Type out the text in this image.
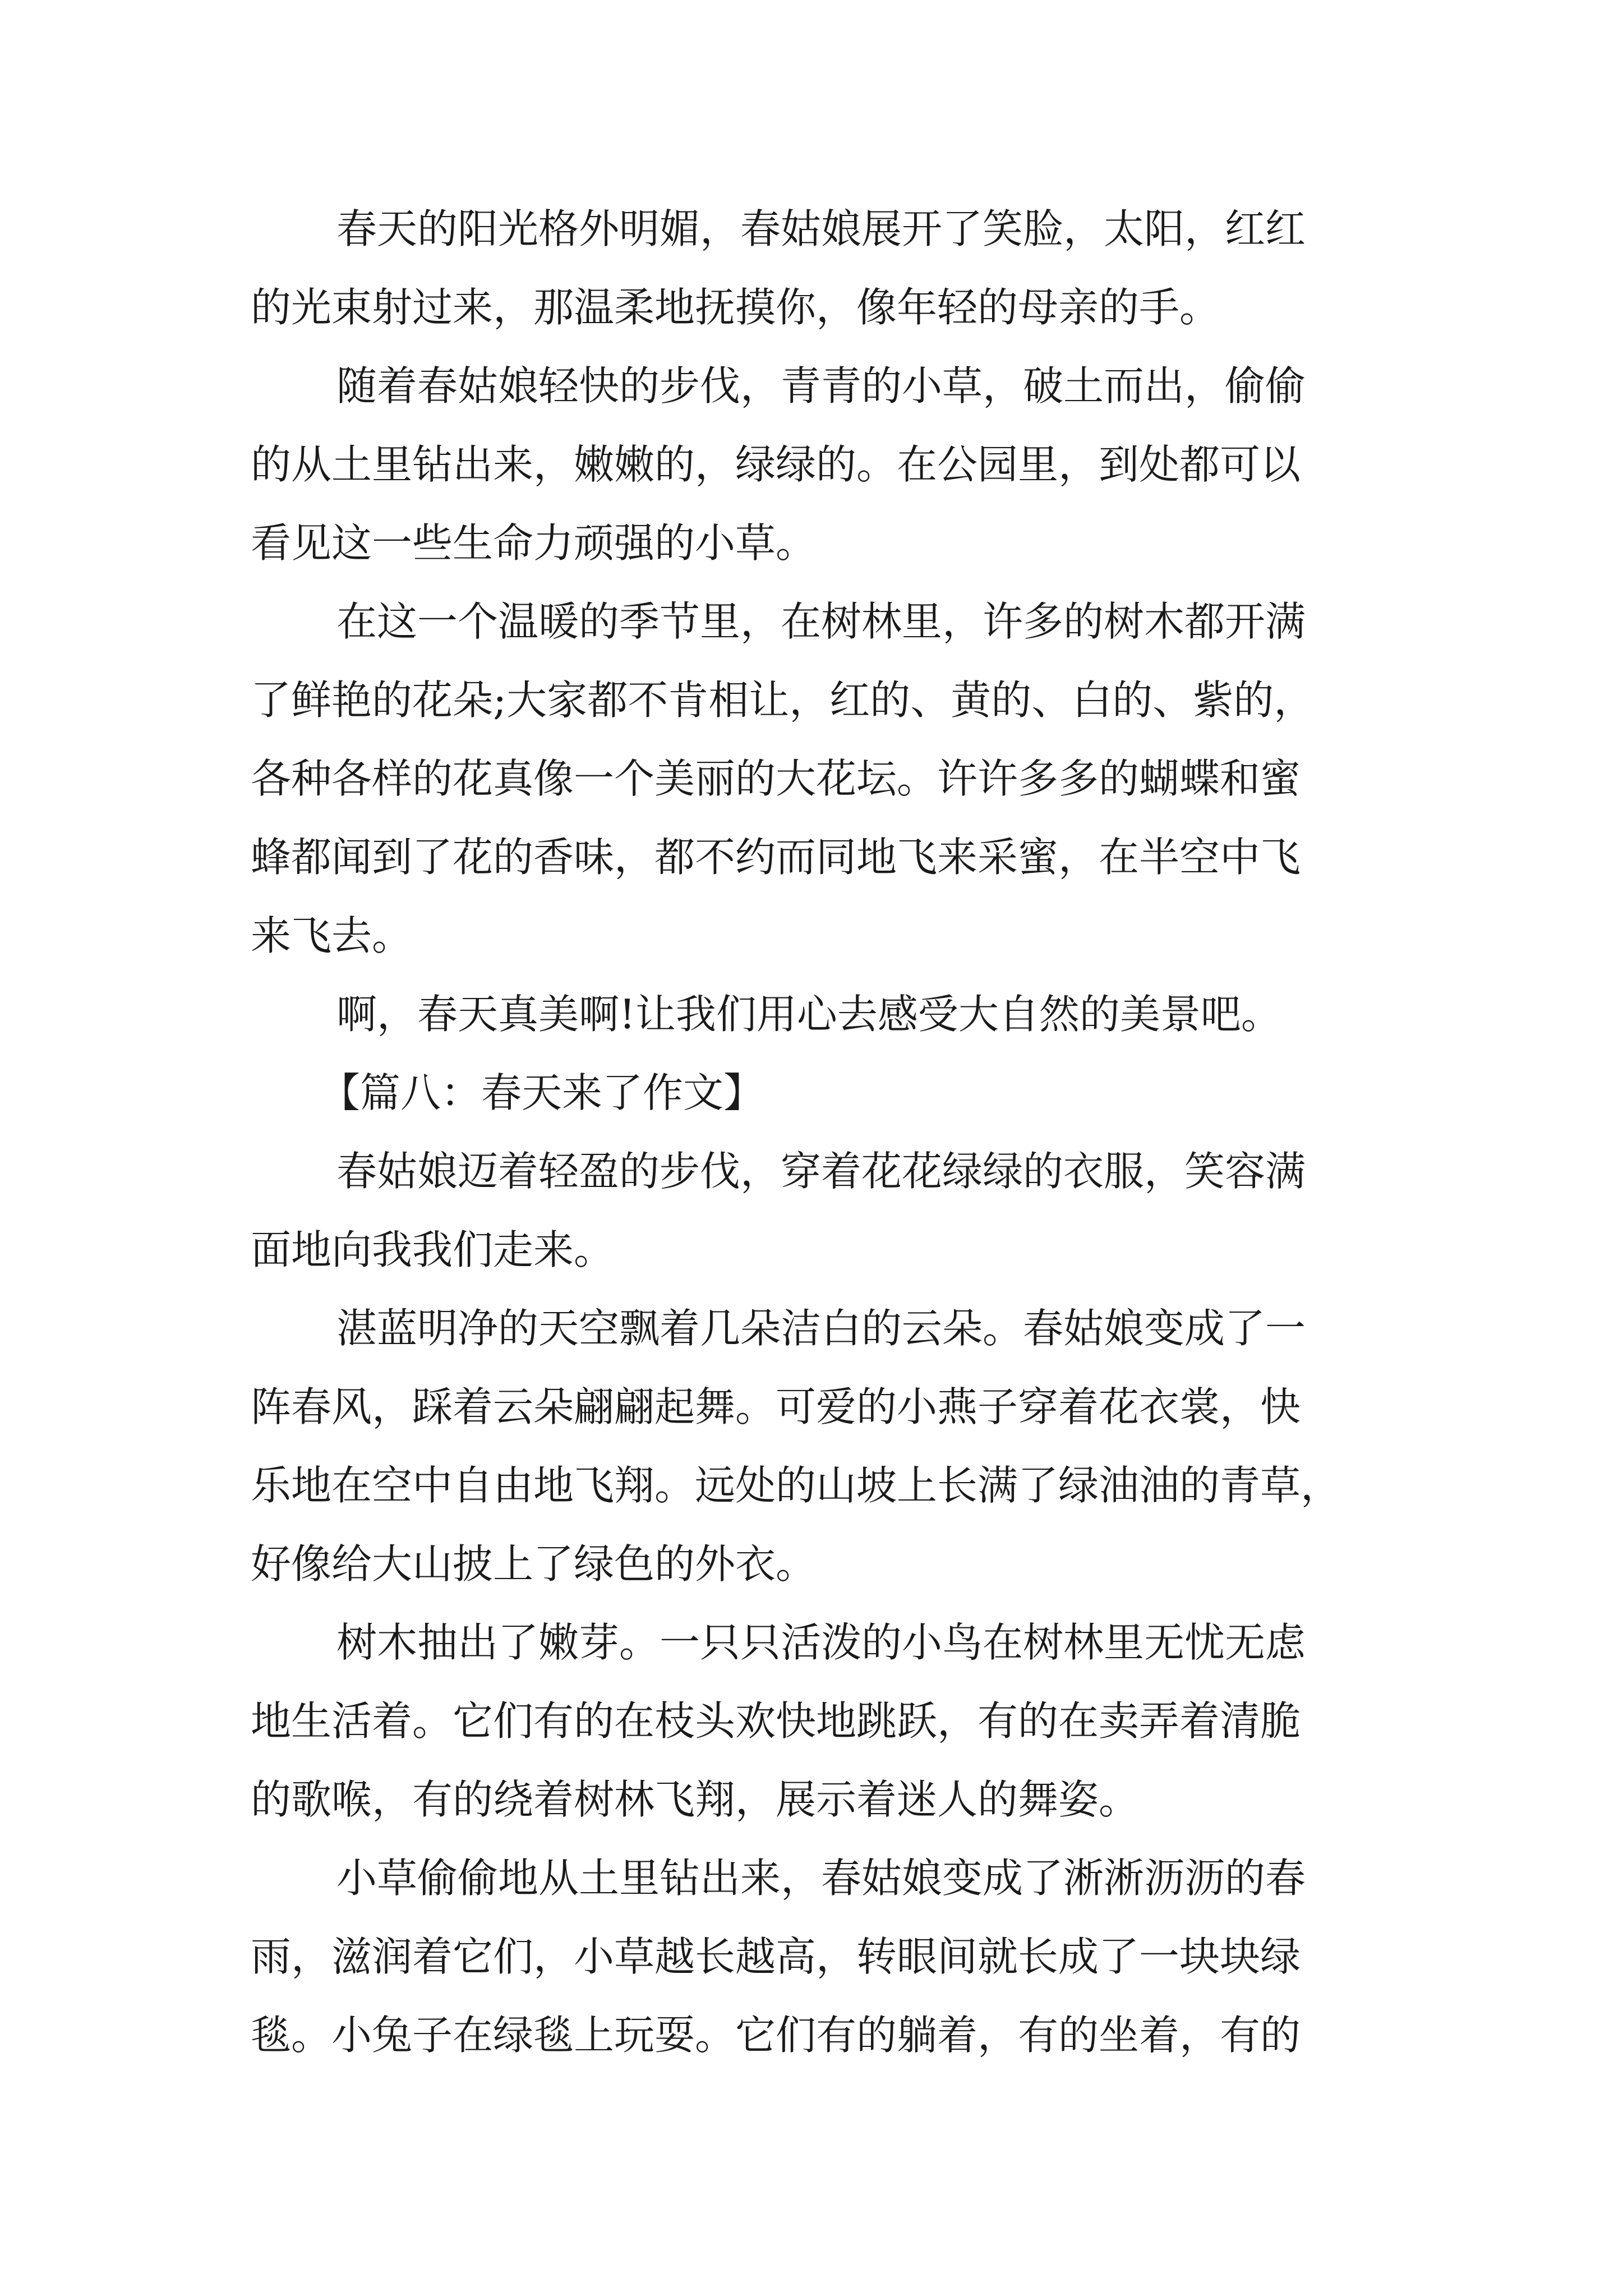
春天的阳光格外明媚，春姑娘展开了笑脸，太阳，红红
的光束射过来，那温柔地抚摸你，像年轻的母亲的手。
随着春姑娘轻快的步伐，青青的小草，破土而出，偷偷
的从土里钻出来，嫩嫩的，绿绿的。在公园里，到处都可以
看见这一些生命力顽强的小草。
在这一个温暖的季节里，在树林里，许多的树木都开满
了鲜艳的花朵;大家都不肯相让，红的、黄的、白的、紫的，
各种各样的花真像一个美丽的大花坛。许许多多的蝴蝶和蜜
蜂都闻到了花的香味，都不约而同地飞来采蜜，在半空中飞
来飞去。
啊，春天真美啊!让我们用心去感受大自然的美景吧。
【篇八：春天来了作文】
春姑娘迈着轻盈的步伐，穿着花花绿绿的衣服，笑容满
面地向我我们走来。
湛蓝明净的天空飘着几朵洁白的云朵。春姑娘变成了一
阵春风，踩着云朵翩翩起舞。可爱的小燕子穿着花衣裳，快
乐地在空中自由地飞翔。远处的山坡上长满了绿油油的青草，
好像给大山披上了绿色的外衣。
树木抽出了嫩芽。一只只活泼的小鸟在树林里无忧无虑
地生活着。它们有的在枝头欢快地跳跃，有的在卖弄着清脆
的歌喉，有的绕着树林飞翔，展示着迷人的舞姿。
小草偷偷地从土里钻出来，春姑娘变成了淅淅沥沥的春
雨，滋润着它们，小草越长越高，转眼间就长成了一块块绿
毯。小兔子在绿毯上玩耍。它们有的躺着，有的坐着，有的
